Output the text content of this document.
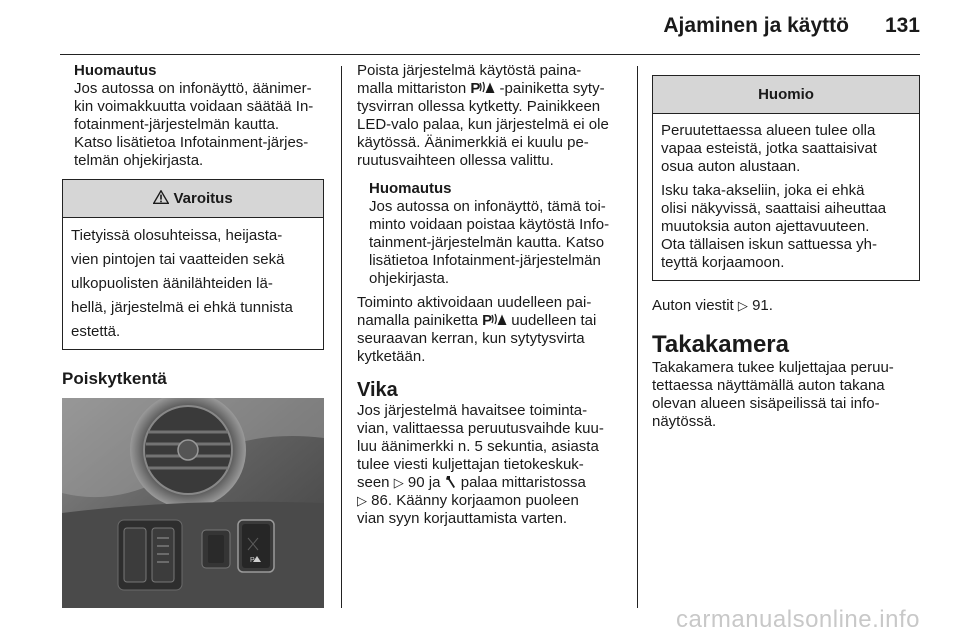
Ajaminen ja käyttö 131
Huomautus
Jos autossa on infonäyttö, äänimer-
kin voimakkuutta voidaan säätää In-
fotainment-järjestelmän kautta.
Katso lisätietoa Infotainment-järjes-
telmän ohjekirjasta.
Varoitus
Tietyissä olosuhteissa, heijasta-
vien pintojen tai vaatteiden sekä
ulkopuolisten äänilähteiden lä-
hellä, järjestelmä ei ehkä tunnista
estettä.
Poiskytkentä
P
Poista järjestelmä käytöstä paina-
malla mittariston P -painiketta syty-
tysvirran ollessa kytketty. Painikkeen
LED-valo palaa, kun järjestelmä ei ole
käytössä. Äänimerkkiä ei kuulu pe-
ruutusvaihteen ollessa valittu.
Huomautus
Jos autossa on infonäyttö, tämä toi-
minto voidaan poistaa käytöstä Info-
tainment-järjestelmän kautta. Katso
lisätietoa Infotainment-järjestelmän
ohjekirjasta.
Toiminto aktivoidaan uudelleen pai-
namalla painiketta P uudelleen tai
seuraavan kerran, kun sytytysvirta
kytketään.
Vika
Jos järjestelmä havaitsee toiminta-
vian, valittaessa peruutusvaihde kuu-
luu äänimerkki n. 5 sekuntia, asiasta
tulee viesti kuljettajan tietokeskuk-
seen ▷ 90 ja  palaa mittaristossa
▷ 86. Käänny korjaamon puoleen
vian syyn korjauttamista varten.
Huomio
Peruutettaessa alueen tulee olla
vapaa esteistä, jotka saattaisivat
osua auton alustaan.
Isku taka-akseliin, joka ei ehkä
olisi näkyvissä, saattaisi aiheuttaa
muutoksia auton ajettavuuteen.
Ota tällaisen iskun sattuessa yh-
teyttä korjaamoon.
Auton viestit ▷ 91.
Takakamera
Takakamera tukee kuljettajaa peruu-
tettaessa näyttämällä auton takana
olevan alueen sisäpeilissä tai info-
näytössä.
carmanualsonline.info
